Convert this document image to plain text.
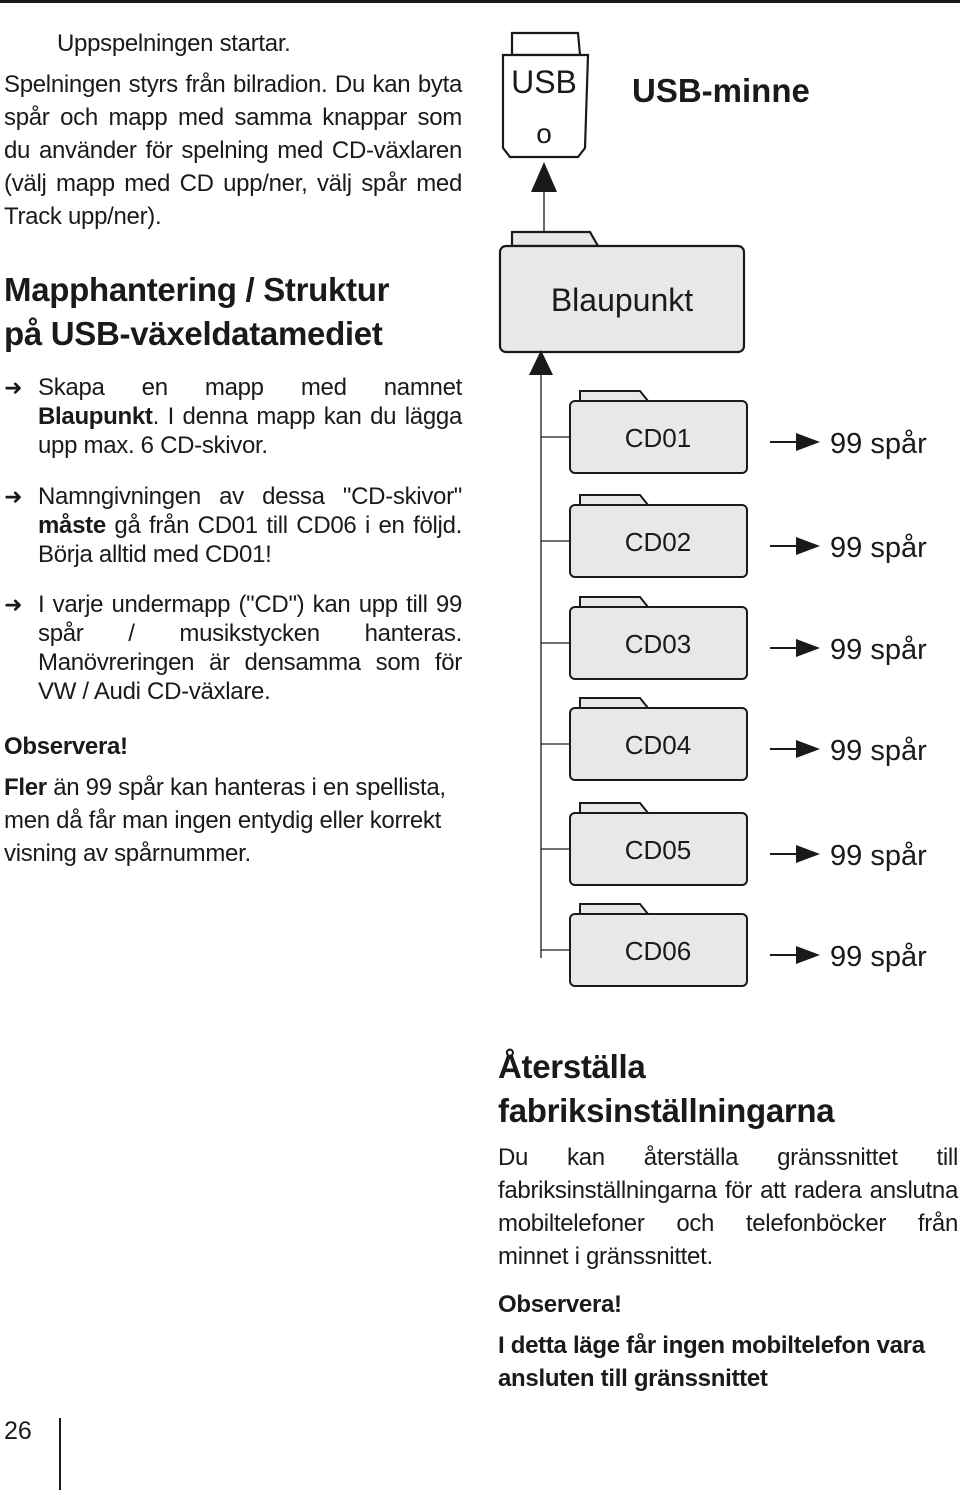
Uppspelningen startar.
Spelningen styrs från bilradion. Du kan byta spår och mapp med samma knappar som du använder för spelning med CD-växlaren (välj mapp med CD upp/ner, välj spår med Track upp/ner).
Mapphantering / Struktur
på USB-växeldatamediet
➜ Skapa en mapp med namnet Blaupunkt. I denna mapp kan du lägga upp max. 6 CD-skivor.
➜ Namngivningen av dessa "CD-skivor" måste gå från CD01 till CD06 i en följd. Börja alltid med CD01!
➜ I varje undermapp ("CD") kan upp till 99 spår / musikstycken hanteras. Manövreringen är densamma som för VW / Audi CD-växlare.
Observera!
Fler än 99 spår kan hanteras i en spellista, men då får man ingen entydig eller korrekt visning av spårnummer.
CD01	99 spår
CD02	99 spår
CD03	99 spår
CD04	99 spår
CD05	99 spår
CD06	99 spår
USB
o
USB-minne
Blaupunkt
Återställa
fabriksinställningarna
Du kan återställa gränssnittet till fabriksinställningarna för att radera anslutna mobiltelefoner och telefonböcker från minnet i gränssnittet.
Observera!
I detta läge får ingen mobiltelefon vara ansluten till gränssnittet
26
